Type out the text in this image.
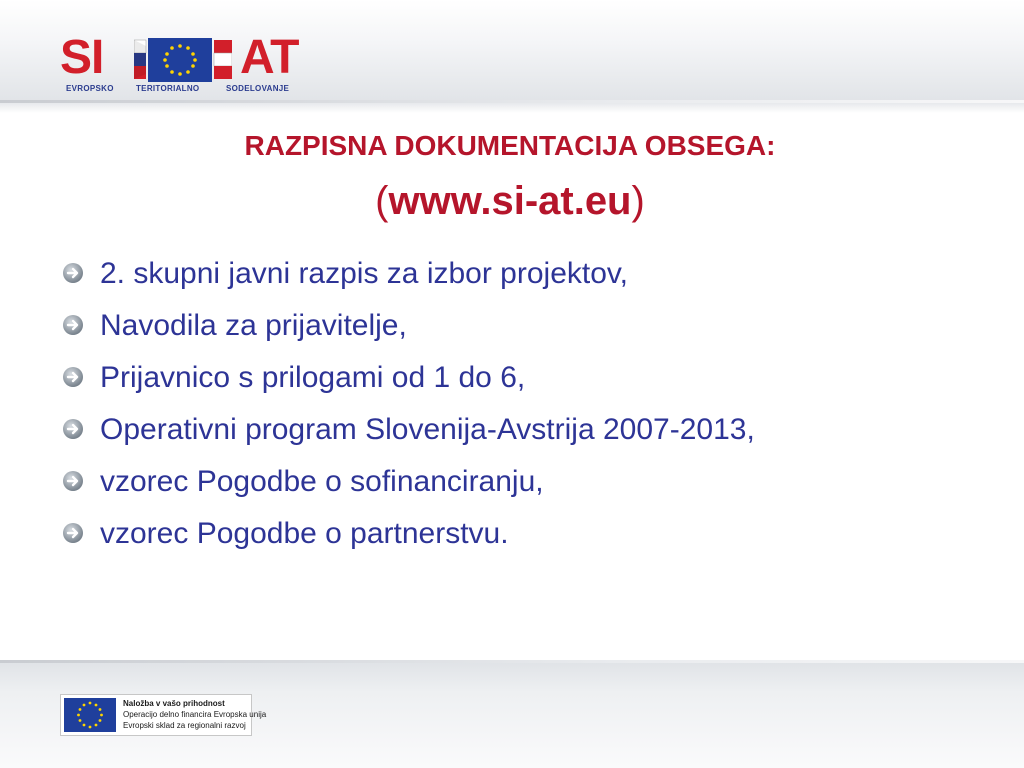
SI	AT
EVROPSKO	TERITORIALNO	SODELOVANJE
RAZPISNA DOKUMENTACIJA OBSEGA:
(www.si-at.eu)
2. skupni javni razpis za izbor projektov,
Navodila za prijavitelje,
Prijavnico s prilogami od 1 do 6,
Operativni program Slovenija-Avstrija 2007-2013,
vzorec Pogodbe o sofinanciranju,
vzorec Pogodbe o partnerstvu.
Naložba v vašo prihodnost
Operacijo delno financira Evropska unija
Evropski sklad za regionalni razvoj
